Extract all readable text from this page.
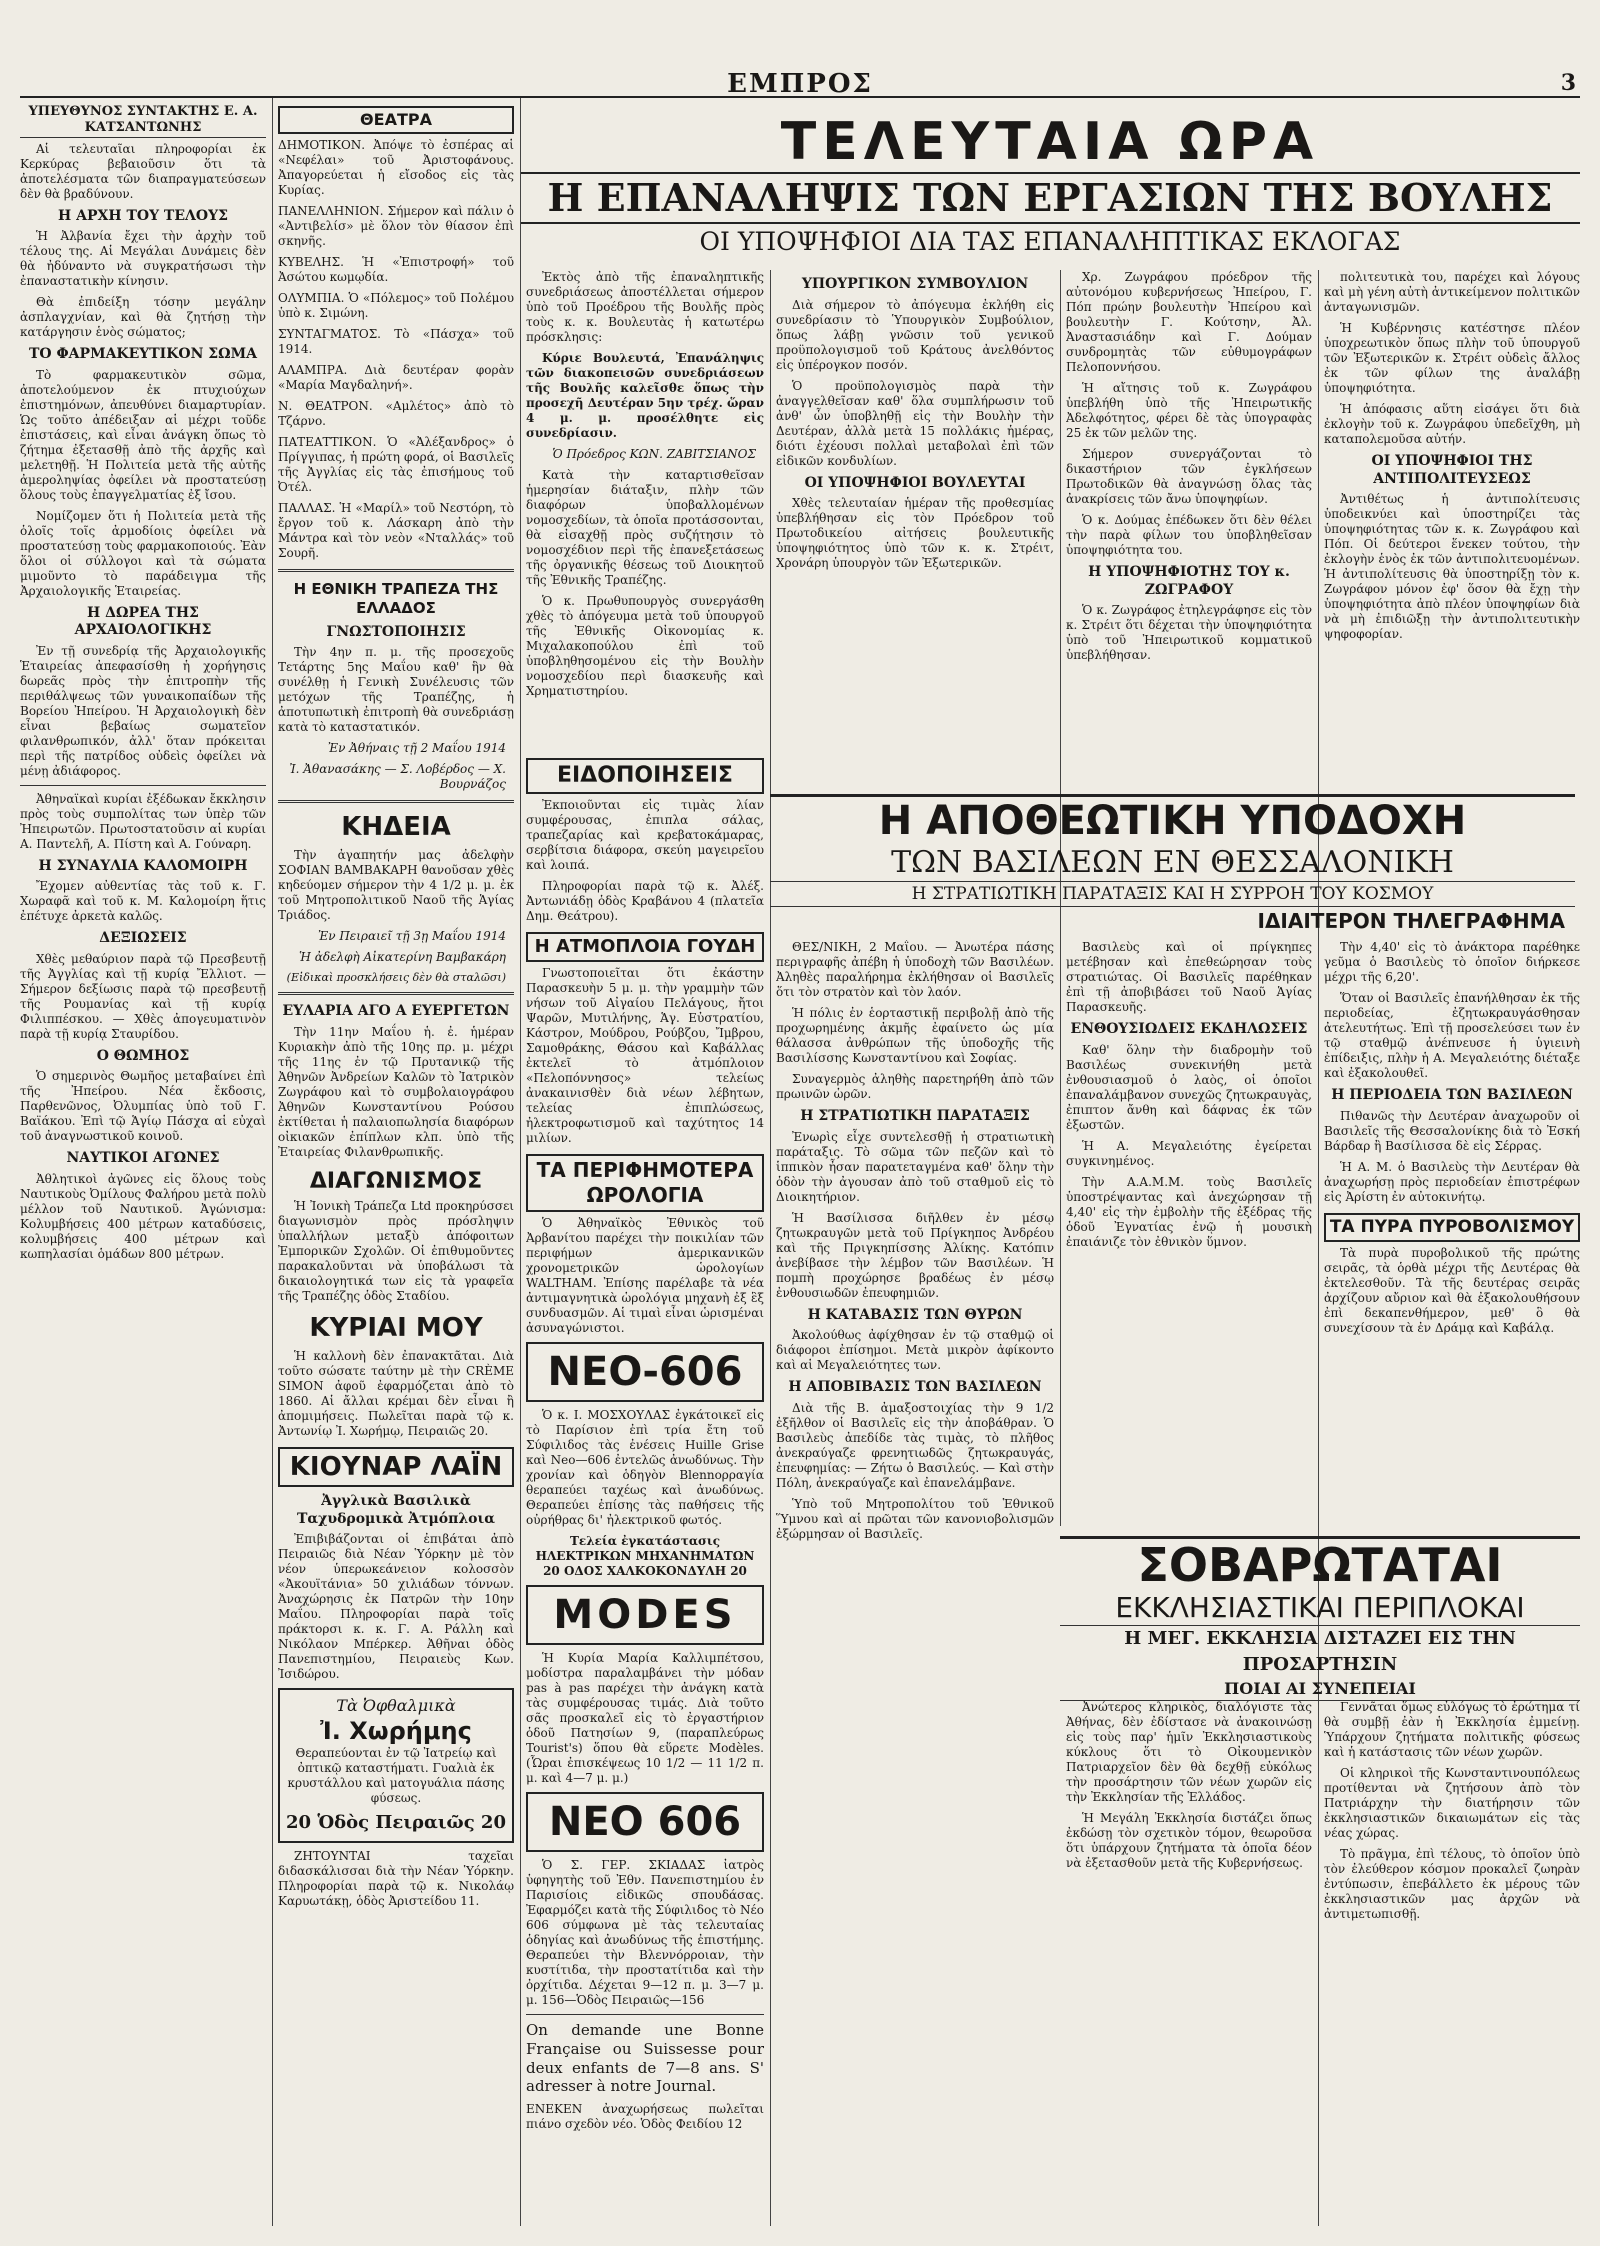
ΕΜΠΡΟΣ	3
ΤΕΛΕΥΤΑΙΑ ΩΡΑ
Η ΕΠΑΝΑΛΗΨΙΣ ΤΩΝ ΕΡΓΑΣΙΩΝ ΤΗΣ ΒΟΥΛΗΣ
ΟΙ ΥΠΟΨΗΦΙΟΙ ΔΙΑ ΤΑΣ ΕΠΑΝΑΛΗΠΤΙΚΑΣ ΕΚΛΟΓΑΣ
ΥΠΕΥΘΥΝΟΣ ΣΥΝΤΑΚΤΗΣ Ε. Α. ΚΑΤΣΑΝΤΩΝΗΣ

Αἱ τελευταῖαι πληροφορίαι ἐκ Κερκύρας βεβαιοῦσιν ὅτι τὰ ἀποτελέσματα τῶν διαπραγματεύσεων δὲν θὰ βραδύνουν.

Η ΑΡΧΗ ΤΟΥ ΤΕΛΟΥΣ

Ἡ Ἀλβανία ἔχει τὴν ἀρχὴν τοῦ τέλους της. Αἱ Μεγάλαι Δυνάμεις δὲν θὰ ἠδύναντο νὰ συγκρατήσωσι τὴν ἐπαναστατικὴν κίνησιν.

Θὰ ἐπιδείξη τόσην μεγάλην ἀσπλαγχνίαν, καὶ θὰ ζητήσῃ τὴν κατάργησιν ἑνὸς σώματος;

ΤΟ ΦΑΡΜΑΚΕΥΤΙΚΟΝ ΣΩΜΑ

Τὸ φαρμακευτικὸν σῶμα, ἀποτελούμενον ἐκ πτυχιούχων ἐπιστημόνων, ἀπευθύνει διαμαρτυρίαν. Ὡς τοῦτο ἀπέδειξαν αἱ μέχρι τοῦδε ἐπιστάσεις, καὶ εἶναι ἀνάγκη ὅπως τὸ ζήτημα ἐξετασθῇ ἀπὸ τῆς ἀρχῆς καὶ μελετηθῇ. Ἡ Πολιτεία μετὰ τῆς αὐτῆς ἀμεροληψίας ὀφείλει νὰ προστατεύσῃ ὅλους τοὺς ἐπαγγελματίας ἐξ ἴσου.

Νομίζομεν ὅτι ἡ Πολιτεία μετὰ τῆς ὁλοῖς τοῖς ἀρμοδίοις ὀφείλει νὰ προστατεύσῃ τοὺς φαρμακοποιούς. Ἐὰν ὅλοι οἱ σύλλογοι καὶ τὰ σώματα μιμοῦντο τὸ παράδειγμα τῆς Ἀρχαιολογικῆς Ἑταιρείας.

Η ΔΩΡΕΑ ΤΗΣ ΑΡΧΑΙΟΛΟΓΙΚΗΣ

Ἐν τῇ συνεδρίᾳ τῆς Ἀρχαιολογικῆς Ἑταιρείας ἀπεφασίσθη ἡ χορήγησις δωρεᾶς πρὸς τὴν ἐπιτροπὴν τῆς περιθάλψεως τῶν γυναικοπαίδων τῆς Βορείου Ἠπείρου. Ἡ Ἀρχαιολογικὴ δὲν εἶναι βεβαίως σωματεῖον φιλανθρωπικόν, ἀλλ' ὅταν πρόκειται περὶ τῆς πατρίδος οὐδεὶς ὀφείλει νὰ μένῃ ἀδιάφορος.

Ἀθηναϊκαὶ κυρίαι ἐξέδωκαν ἔκκλησιν πρὸς τοὺς συμπολίτας των ὑπὲρ τῶν Ἠπειρωτῶν. Πρωτοστατοῦσιν αἱ κυρίαι Α. Παντελῆ, Α. Πίστη καὶ Α. Γούναρη.

Η ΣΥΝΑΥΛΙΑ ΚΑΛΟΜΟΙΡΗ

Ἔχομεν αὐθεντίας τὰς τοῦ κ. Γ. Χωραφᾶ καὶ τοῦ κ. Μ. Καλομοίρη ἥτις ἐπέτυχε ἀρκετὰ καλῶς.

ΔΕΞΙΩΣΕΙΣ

Χθὲς μεθαύριον παρὰ τῷ Πρεσβευτῇ τῆς Ἀγγλίας καὶ τῇ κυρίᾳ Ἔλλιοτ. — Σήμερον δεξίωσις παρὰ τῷ πρεσβευτῇ τῆς Ρουμανίας καὶ τῇ κυρίᾳ Φιλιππέσκου. — Χθὲς ἀπογευματινὸν παρὰ τῇ κυρίᾳ Σταυρίδου.

Ο ΘΩΜΗΟΣ

Ὁ σημερινὸς Θωμῆος μεταβαίνει ἐπὶ τῆς Ἠπείρου. Νέα ἔκδοσις, Παρθενῶνος, Ὀλυμπίας ὑπὸ τοῦ Γ. Βαϊάκου. Ἐπὶ τῷ Ἁγίῳ Πάσχα αἱ εὐχαὶ τοῦ ἀναγνωστικοῦ κοινοῦ.

ΝΑΥΤΙΚΟΙ ΑΓΩΝΕΣ

Ἀθλητικοὶ ἀγῶνες εἰς ὅλους τοὺς Ναυτικοὺς Ὀμίλους Φαλήρου μετὰ πολὺ μέλλον τοῦ Ναυτικοῦ. Ἀγώνισμα: Κολυμβήσεις 400 μέτρων καταδύσεις, κολυμβήσεις 400 μέτρων καὶ κωπηλασίαι ὁμάδων 800 μέτρων.

ΘΕΑΤΡΑ

ΔΗΜΟΤΙΚΟΝ. Ἀπόψε τὸ ἐσπέρας αἱ «Νεφέλαι» τοῦ Ἀριστοφάνους. Ἀπαγορεύεται ἡ εἴσοδος εἰς τὰς Κυρίας.

ΠΑΝΕΛΛΗΝΙΟΝ. Σήμερον καὶ πάλιν ὁ «Ἀντιβελίσ» μὲ ὅλον τὸν θίασον ἐπὶ σκηνῆς.

ΚΥΒΕΛΗΣ. Ἡ «Ἐπιστροφή» τοῦ Ἀσώτου κωμῳδία.

ΟΛΥΜΠΙΑ. Ὁ «Πόλεμος» τοῦ Πολέμου ὑπὸ κ. Σιμώνη.

ΣΥΝΤΑΓΜΑΤΟΣ. Τὸ «Πάσχα» τοῦ 1914.

ΑΛΑΜΠΡΑ. Διὰ δευτέραν φορὰν «Μαρία Μαγδαληνή».

Ν. ΘΕΑΤΡΟΝ. «Αμλέτος» ἀπὸ τὸ Τζάρνο.

ΠΑΤΕΑΤΤΙΚΟΝ. Ὁ «Ἀλέξανδρος» ὁ Πρίγγιπας, ἡ πρώτη φορά, οἱ Βασιλεῖς τῆς Ἀγγλίας εἰς τὰς ἐπισήμους τοῦ Ὀτέλ.

ΠΑΛΛΑΣ. Ἡ «Μαρίλ» τοῦ Νεστόρη, τὸ ἔργον τοῦ κ. Λάσκαρη ἀπὸ τὴν Μάντρα καὶ τὸν νεὸν «Νταλλάς» τοῦ Σουρῆ.

Η ΕΘΝΙΚΗ ΤΡΑΠΕΖΑ ΤΗΣ ΕΛΛΑΔΟΣ
ΓΝΩΣΤΟΠΟΙΗΣΙΣ

Τὴν 4ην π. μ. τῆς προσεχοῦς Τετάρτης 5ης Μαΐου καθ' ἣν θὰ συνέλθῃ ἡ Γενικὴ Συνέλευσις τῶν μετόχων τῆς Τραπέζης, ἡ ἀποτυπωτικὴ ἐπιτροπὴ θὰ συνεδριάσῃ κατὰ τὸ καταστατικόν.

Ἐν Ἀθήναις τῇ 2 Μαΐου 1914

Ἰ. Ἀθανασάκης — Σ. Λοβέρδος — Χ. Βουρνάζος

ΚΗΔΕΙΑ

Τὴν ἀγαπητήν μας ἀδελφὴν ΣΟΦΙΑΝ ΒΑΜΒΑΚΑΡΗ θανοῦσαν χθὲς κηδεύομεν σήμερον τὴν 4 1/2 μ. μ. ἐκ τοῦ Μητροπολιτικοῦ Ναοῦ τῆς Ἁγίας Τριάδος.

Ἐν Πειραιεῖ τῇ 3ῃ Μαΐου 1914

Ἡ ἀδελφὴ Αἰκατερίνη Βαμβακάρη

(Εἰδικαὶ προσκλήσεις δὲν θὰ σταλῶσι)

ΕΥΛΑΡΙΑ ΑΓΟ Α ΕΥΕΡΓΕΤΩΝ

Τὴν 11ην Μαΐου ἡ. ἐ. ἡμέραν Κυριακὴν ἀπὸ τῆς 10ης πρ. μ. μέχρι τῆς 11ης ἐν τῷ Πρυτανικῷ τῆς Ἀθηνῶν Ἀνδρείων Καλῶν τὸ Ἰατρικὸν Ζωγράφου καὶ τὸ συμβολαιογράφου Ἀθηνῶν Κωνσταντίνου Ρούσου ἐκτίθεται ἡ παλαιοπωλησία διαφόρων οἰκιακῶν ἐπίπλων κλπ. ὑπὸ τῆς Ἐταιρείας Φιλανθρωπικῆς.

ΔΙΑΓΩΝΙΣΜΟΣ

Ἡ Ἰονικὴ Τράπεζα Ltd προκηρύσσει διαγωνισμὸν πρὸς πρόσληψιν ὑπαλλήλων μεταξὺ ἀπόφοιτων Ἐμπορικῶν Σχολῶν. Οἱ ἐπιθυμοῦντες παρακαλοῦνται νὰ ὑποβάλωσι τὰ δικαιολογητικά των εἰς τὰ γραφεῖα τῆς Τραπέζης ὁδὸς Σταδίου.

ΚΥΡΙΑΙ ΜΟΥ

Ἡ καλλονὴ δὲν ἐπανακτᾶται. Διὰ τοῦτο σώσατε ταύτην μὲ τὴν CRÈME SIMON ἀφοῦ ἐφαρμόζεται ἀπὸ τὸ 1860. Αἱ ἄλλαι κρέμαι δὲν εἶναι ἢ ἀπομιμήσεις. Πωλεῖται παρὰ τῷ κ. Ἀντωνίῳ Ἰ. Χωρήμῳ, Πειραιῶς 20.

ΚΙΟΥΝΑΡ ΛΑΪΝ
Ἀγγλικὰ Βασιλικὰ Ταχυδρομικὰ Ἀτμόπλοια

Ἐπιβιβάζονται οἱ ἐπιβάται ἀπὸ Πειραιῶς διὰ Νέαν Ὑόρκην μὲ τὸν νέον ὑπερωκεάνειον κολοσσὸν «Ἀκουϊτάνια» 50 χιλιάδων τόννων. Ἀναχώρησις ἐκ Πατρῶν τὴν 10ην Μαΐου. Πληροφορίαι παρὰ τοῖς πράκτορσι κ. κ. Γ. Α. Ράλλη καὶ Νικόλαον Μπέρκερ. Ἀθῆναι ὁδὸς Πανεπιστημίου, Πειραιεὺς Κων. Ἰσιδώρου.

Τὰ Ὀφθαλμικὰ
Ἰ. Χωρήμης

Θεραπεύονται ἐν τῷ Ἰατρείῳ καὶ ὀπτικῷ καταστήματι. Γυαλιὰ ἐκ κρυστάλλου καὶ ματογυάλια πάσης φύσεως.

20 Ὁδὸς Πειραιῶς 20

ΖΗΤΟΥΝΤΑΙ ταχεῖαι διδασκάλισσαι διὰ τὴν Νέαν Ὑόρκην. Πληροφορίαι παρὰ τῷ κ. Νικολάῳ Καρυωτάκῃ, ὁδὸς Ἀριστείδου 11.

Ἐκτὸς ἀπὸ τῆς ἐπαναληπτικῆς συνεδριάσεως ἀποστέλλεται σήμερον ὑπὸ τοῦ Προέδρου τῆς Βουλῆς πρὸς τοὺς κ. κ. Βουλευτὰς ἡ κατωτέρω πρόσκλησις:

Κύριε Βουλευτά, Ἐπανάληψις τῶν διακοπεισῶν συνεδριάσεων τῆς Βουλῆς καλεῖσθε ὅπως τὴν προσεχῆ Δευτέραν 5ην τρέχ. ὥραν 4 μ. μ. προσέλθητε εἰς συνεδρίασιν.

Ὁ Πρόεδρος ΚΩΝ. ΖΑΒΙΤΣΙΑΝΟΣ

Κατὰ τὴν καταρτισθεῖσαν ἡμερησίαν διάταξιν, πλὴν τῶν διαφόρων ὑποβαλλομένων νομοσχεδίων, τὰ ὁποῖα προτάσσονται, θὰ εἰσαχθῇ πρὸς συζήτησιν τὸ νομοσχέδιον περὶ τῆς ἐπανεξετάσεως τῆς ὀργανικῆς θέσεως τοῦ Διοικητοῦ τῆς Ἐθνικῆς Τραπέζης.

Ὁ κ. Πρωθυπουργὸς συνεργάσθη χθὲς τὸ ἀπόγευμα μετὰ τοῦ ὑπουργοῦ τῆς Ἐθνικῆς Οἰκονομίας κ. Μιχαλακοπούλου ἐπὶ τοῦ ὑποβληθησομένου εἰς τὴν Βουλὴν νομοσχεδίου περὶ διασκευῆς καὶ Χρηματιστηρίου.

ΥΠΟΥΡΓΙΚΟΝ ΣΥΜΒΟΥΛΙΟΝ

Διὰ σήμερον τὸ ἀπόγευμα ἐκλήθη εἰς συνεδρίασιν τὸ Ὑπουργικὸν Συμβούλιον, ὅπως λάβῃ γνῶσιν τοῦ γενικοῦ προϋπολογισμοῦ τοῦ Κράτους ἀνελθόντος εἰς ὑπέρογκον ποσόν.

Ὁ προϋπολογισμὸς παρὰ τὴν ἀναγγελθεῖσαν καθ' ὅλα συμπλήρωσιν τοῦ ἀνθ' ὧν ὑποβληθῇ εἰς τὴν Βουλὴν τὴν Δευτέραν, ἀλλὰ μετὰ 15 πολλάκις ἡμέρας, διότι ἐχέουσι πολλαὶ μεταβολαὶ ἐπὶ τῶν εἰδικῶν κονδυλίων.

ΟΙ ΥΠΟΨΗΦΙΟΙ ΒΟΥΛΕΥΤΑΙ

Χθὲς τελευταίαν ἡμέραν τῆς προθεσμίας ὑπεβλήθησαν εἰς τὸν Πρόεδρον τοῦ Πρωτοδικείου αἰτήσεις βουλευτικῆς ὑποψηφιότητος ὑπὸ τῶν κ. κ. Στρέιτ, Χρονάρη ὑπουργὸν τῶν Ἐξωτερικῶν.

Χρ. Ζωγράφου πρόεδρον τῆς αὐτονόμου κυβερνήσεως Ἠπείρου, Γ. Πόπ πρώην βουλευτὴν Ἠπείρου καὶ βουλευτὴν Γ. Κούτσην, Ἀλ. Ἀναστασιάδην καὶ Γ. Δούμαν συνδρομητὰς τῶν εὐθυμογράφων Πελοποννήσου.

Ἡ αἴτησις τοῦ κ. Ζωγράφου ὑπεβλήθη ὑπὸ τῆς Ἠπειρωτικῆς Ἀδελφότητος, φέρει δὲ τὰς ὑπογραφὰς 25 ἐκ τῶν μελῶν της.

Σήμερον συνεργάζονται τὸ δικαστήριον τῶν ἐγκλήσεων Πρωτοδικῶν θὰ ἀναγνώσῃ ὅλας τὰς ἀνακρίσεις τῶν ἄνω ὑποψηφίων.

Ὁ κ. Δούμας ἐπέδωκεν ὅτι δὲν θέλει τὴν παρὰ φίλων του ὑποβληθεῖσαν ὑποψηφιότητα του.

Η ΥΠΟΨΗΦΙΟΤΗΣ ΤΟΥ κ. ΖΩΓΡΑΦΟΥ

Ὁ κ. Ζωγράφος ἐτηλεγράφησε εἰς τὸν κ. Στρέιτ ὅτι δέχεται τὴν ὑποψηφιότητα ὑπὸ τοῦ Ἠπειρωτικοῦ κομματικοῦ ὑπεβλήθησαν.

πολιτευτικὰ του, παρέχει καὶ λόγους καὶ μὴ γένη αὐτὴ ἀντικείμενον πολιτικῶν ἀνταγωνισμῶν.

Ἡ Κυβέρνησις κατέστησε πλέον ὑποχρεωτικὸν ὅπως πλὴν τοῦ ὑπουργοῦ τῶν Ἐξωτερικῶν κ. Στρέιτ οὐδεὶς ἄλλος ἐκ τῶν φίλων της ἀναλάβῃ ὑποψηφιότητα.

Ἡ ἀπόφασις αὕτη εἰσάγει ὅτι διὰ ἐκλογὴν τοῦ κ. Ζωγράφου ὑπεδεῖχθη, μὴ καταπολεμοῦσα αὐτήν.

ΟΙ ΥΠΟΨΗΦΙΟΙ ΤΗΣ ΑΝΤΙΠΟΛΙΤΕΥΣΕΩΣ

Ἀντιθέτως ἡ ἀντιπολίτευσις ὑποδεικνύει καὶ ὑποστηρίζει τὰς ὑποψηφιότητας τῶν κ. κ. Ζωγράφου καὶ Πόπ. Οἱ δεύτεροι ἕνεκεν τούτου, τὴν ἐκλογὴν ἑνὸς ἐκ τῶν ἀντιπολιτευομένων. Ἡ ἀντιπολίτευσις θὰ ὑποστηρίξῃ τὸν κ. Ζωγράφον μόνον ἐφ' ὅσον θὰ ἔχῃ τὴν ὑποψηφιότητα ἀπὸ πλέον ὑποψηφίων διὰ νὰ μὴ ἐπιδιῶξῃ τὴν ἀντιπολιτευτικὴν ψηφοφορίαν.

ΕΙΔΟΠΟΙΗΣΕΙΣ

Ἐκποιοῦνται εἰς τιμὰς λίαν συμφέρουσας, ἐπιπλα σάλας, τραπεζαρίας καὶ κρεβατοκάμαρας, σερβίτσια διάφορα, σκεύη μαγειρεῖου καὶ λοιπά.

Πληροφορίαι παρὰ τῷ κ. Ἀλέξ. Ἀντωνιάδῃ ὁδὸς Κραβάνου 4 (πλατεῖα Δημ. Θεάτρου).

Η ΑΤΜΟΠΛΟΙΑ ΓΟΥΔΗ

Γνωστοποιεῖται ὅτι ἐκάστην Παρασκευὴν 5 μ. μ. τὴν γραμμὴν τῶν νήσων τοῦ Αἰγαίου Πελάγους, ἤτοι Ψαρῶν, Μυτιλήνης, Ἁγ. Εὐστρατίου, Κάστρον, Μούδρου, Ρούβζου, Ἴμβρου, Σαμοθράκης, Θάσου καὶ Καβάλλας ἐκτελεῖ τὸ ἀτμόπλοιον «Πελοπόννησος» τελείως ἀνακαινισθὲν διὰ νέων λέβητων, τελείας ἐπιπλώσεως, ἠλεκτροφωτισμοῦ καὶ ταχύτητος 14 μιλίων.

ΤΑ ΠΕΡΙΦΗΜΟΤΕΡΑ ΩΡΟΛΟΓΙΑ

Ὁ Ἀθηναϊκὸς Ἐθνικὸς τοῦ Ἀρβανίτου παρέχει τὴν ποικιλίαν τῶν περιφήμων ἀμερικανικῶν χρονομετρικῶν ὡρολογίων WALTHAM. Ἐπίσης παρέλαβε τὰ νέα ἀντιμαγνητικὰ ὡρολόγια μηχανὴ ἐξ ἓξ συνδυασμῶν. Αἱ τιμαὶ εἶναι ὡρισμέναι ἀσυναγώνιστοι.

ΝΕΟ-606

Ὁ κ. Ι. ΜΟΣΧΟΥΛΑΣ ἐγκάτοικεῖ εἰς τὸ Παρίσιον ἐπὶ τρία ἔτη τοῦ Σύφιλιδος τὰς ἐνέσεις Huille Grise καὶ Neo—606 ἐντελῶς ἀνωδύνως. Τὴν χρονίαν καὶ ὁδηγὸν Blennoρραγία θεραπεύει ταχέως καὶ ἀνωδύνως. Θεραπεύει ἐπίσης τὰς παθήσεις τῆς οὐρήθρας δι' ἠλεκτρικοῦ φωτός.

Τελεία ἐγκατάστασις ΗΛΕΚΤΡΙΚΩΝ ΜΗΧΑΝΗΜΑΤΩΝ 20 ΟΔΟΣ ΧΑΛΚΟΚΟΝΔΥΛΗ 20

MODES

Ἡ Κυρία Μαρία Καλλιμπέτσου, μοδίστρα παραλαμβάνει τὴν μόδαν pas à pas παρέχει τὴν ἀνάγκη κατὰ τὰς συμφέρουσας τιμάς. Διὰ τοῦτο σᾶς προσκαλεῖ εἰς τὸ ἐργαστήριον ὁδοῦ Πατησίων 9, (παραπλεύρως Tourist's) ὅπου θὰ εὕρετε Modèles. (Ὧραι ἐπισκέψεως 10 1/2 — 11 1/2 π. μ. καὶ 4—7 μ. μ.)

ΝΕΟ 606

Ὁ Σ. ΓΕΡ. ΣΚΙΑΔΑΣ ἰατρὸς ὑφηγητὴς τοῦ Ἐθν. Πανεπιστημίου ἐν Παρισίοις εἰδικῶς σπουδάσας. Ἐφαρμόζει κατὰ τῆς Σύφιλιδος τὸ Νέο 606 σύμφωνα μὲ τὰς τελευταίας ὁδηγίας καὶ ἀνωδύνως τῆς ἐπιστήμης. Θεραπεύει τὴν Βλεννόρροιαν, τὴν κυστίτιδα, τὴν προστατίτιδα καὶ τὴν ὀρχίτιδα. Δέχεται 9—12 π. μ. 3—7 μ. μ. 156—Ὁδὸς Πειραιῶς—156

On demande une Bonne Française ou Suissesse pour deux enfants de 7—8 ans. S' adresser à notre Journal.

ΕΝΕΚΕΝ ἀναχωρήσεως πωλεῖται πιάνο σχεδὸν νέο. Ὁδὸς Φειδίου 12

Η ΑΠΟΘΕΩΤΙΚΗ ΥΠΟΔΟΧΗ
ΤΩΝ ΒΑΣΙΛΕΩΝ ΕΝ ΘΕΣΣΑΛΟΝΙΚΗ
Η ΣΤΡΑΤΙΩΤΙΚΗ ΠΑΡΑΤΑΞΙΣ ΚΑΙ Η ΣΥΡΡΟΗ ΤΟΥ ΚΟΣΜΟΥ
ΙΔΙΑΙΤΕΡΟΝ ΤΗΛΕΓΡΑΦΗΜΑ

ΘΕΣ/ΝΙΚΗ, 2 Μαΐου. — Ἀνωτέρα πάσης περιγραφῆς ἀπέβη ἡ ὑποδοχὴ τῶν Βασιλέων. Ἀληθὲς παραλήρημα ἐκλήθησαν οἱ Βασιλεῖς ὅτι τὸν στρατὸν καὶ τὸν λαόν.

Ἡ πόλις ἐν ἑορταστικῇ περιβολῇ ἀπὸ τῆς προχωρημένης ἀκμῆς ἐφαίνετο ὡς μία θάλασσα ἀνθρώπων τῆς ὑποδοχῆς τῆς Βασιλίσσης Κωνσταντίνου καὶ Σοφίας.

Συναγερμὸς ἀληθὴς παρετηρήθη ἀπὸ τῶν πρωινῶν ὡρῶν.

Η ΣΤΡΑΤΙΩΤΙΚΗ ΠΑΡΑΤΑΞΙΣ

Ἐνωρὶς εἶχε συντελεσθῇ ἡ στρατιωτικὴ παράταξις. Τὸ σῶμα τῶν πεζῶν καὶ τὸ ἱππικὸν ἦσαν παρατεταγμένα καθ' ὅλην τὴν ὁδὸν τὴν ἀγουσαν ἀπὸ τοῦ σταθμοῦ εἰς τὸ Διοικητήριον.

Ἡ Βασίλισσα διῆλθεν ἐν μέσῳ ζητωκραυγῶν μετὰ τοῦ Πρίγκηπος Ἀνδρέου καὶ τῆς Πριγκηπίσσης Ἀλίκης. Κατόπιν ἀνεβίβασε τὴν λέμβον τῶν Βασιλέων. Ἡ πομπὴ προχώρησε βραδέως ἐν μέσῳ ἐνθουσιωδῶν ἐπευφημιῶν.

Η ΚΑΤΑΒΑΣΙΣ ΤΩΝ ΘΥΡΩΝ

Ἀκολούθως ἀφίχθησαν ἐν τῷ σταθμῷ οἱ διάφοροι ἐπίσημοι. Μετὰ μικρὸν ἀφίκοντο καὶ αἱ Μεγαλειότητες των.

Η ΑΠΟΒΙΒΑΣΙΣ ΤΩΝ ΒΑΣΙΛΕΩΝ

Διὰ τῆς Β. ἀμαξοστοιχίας τὴν 9 1/2 ἐξῆλθον οἱ Βασιλεῖς εἰς τὴν ἀποβάθραν. Ὁ Βασιλεὺς ἀπεδίδε τὰς τιμὰς, τὸ πλῆθος ἀνεκραύγαζε φρενητιωδῶς ζητωκραυγάς, ἐπευφημίας: — Ζήτω ὁ Βασιλεύς. — Καὶ στὴν Πόλη, ἀνεκραύγαζε καὶ ἐπανελάμβανε.

Ὑπὸ τοῦ Μητροπολίτου τοῦ Ἑθνικοῦ Ὕμνου καὶ αἱ πρῶται τῶν κανονιοβολισμῶν ἐξώρμησαν οἱ Βασιλεῖς.

Βασιλεὺς καὶ οἱ πρίγκηπες μετέβησαν καὶ ἐπεθεώρησαν τοὺς στρατιώτας. Οἱ Βασιλεῖς παρέθηκαν ἐπὶ τῇ ἀποβιβάσει τοῦ Ναοῦ Ἁγίας Παρασκευῆς.

ΕΝΘΟΥΣΙΩΔΕΙΣ ΕΚΔΗΛΩΣΕΙΣ

Καθ' ὅλην τὴν διαδρομὴν τοῦ Βασιλέως συνεκινήθη μετὰ ἐνθουσιασμοῦ ὁ λαὸς, οἱ ὁποῖοι ἐπαναλάμβανον συνεχῶς ζητωκραυγὰς, ἐπιπτον ἄνθη καὶ δάφνας ἐκ τῶν ἐξωστῶν.

Ἡ Α. Μεγαλειότης ἐγείρεται συγκινημένος.

Τὴν Α.Α.Μ.Μ. τοὺς Βασιλεῖς ὑποστρέψαντας καὶ ἀνεχώρησαν τῇ 4,40' εἰς τὴν ἐμβολὴν τῆς ἐξέδρας τῆς ὁδοῦ Ἐγνατίας ἐνῷ ἡ μουσικὴ ἐπαιάνιζε τὸν ἐθνικὸν ὕμνον.

Τὴν 4,40' εἰς τὸ ἀνάκτορα παρέθηκε γεῦμα ὁ Βασιλεὺς τὸ ὁποῖον διήρκεσε μέχρι τῆς 6,20'.

Ὅταν οἱ Βασιλεῖς ἐπανήλθησαν ἐκ τῆς περιοδείας, ἐζητωκραυγάσθησαν ἀτελευτήτως. Ἐπὶ τῇ προσελεύσει των ἐν τῷ σταθμῷ ἀνέπνευσε ἡ ὑγιεινὴ ἐπίδειξις, πλὴν ἡ Α. Μεγαλειότης διέταξε καὶ ἐξακολουθεῖ.

Η ΠΕΡΙΟΔΕΙΑ ΤΩΝ ΒΑΣΙΛΕΩΝ

Πιθανῶς τὴν Δευτέραν ἀναχωροῦν οἱ Βασιλεῖς τῆς Θεσσαλονίκης διὰ τὸ Ἐσκή Βάρδαρ ἢ Βασίλισσα δὲ εἰς Σέρρας.

Ἡ Α. Μ. ὁ Βασιλεὺς τὴν Δευτέραν θὰ ἀναχωρήσῃ πρὸς περιοδείαν ἐπιστρέφων εἰς Ἀρίστη ἐν αὐτοκινήτῳ.

ΤΑ ΠΥΡΑ ΠΥΡΟΒΟΛΙΣΜΟΥ

Τὰ πυρὰ πυροβολικοῦ τῆς πρώτης σειρᾶς, τὰ ὁρθὰ μέχρι τῆς Δευτέρας θὰ ἐκτελεσθοῦν. Τὰ τῆς δευτέρας σειρᾶς ἀρχίζουν αὔριον καὶ θὰ ἐξακολουθήσουν ἐπὶ δεκαπενθήμερον, μεθ' ὃ θὰ συνεχίσουν τὰ ἐν Δράμᾳ καὶ Καβάλᾳ.

ΣΟΒΑΡΩΤΑΤΑΙ
ΕΚΚΛΗΣΙΑΣΤΙΚΑΙ ΠΕΡΙΠΛΟΚΑΙ
Η ΜΕΓ. ΕΚΚΛΗΣΙΑ ΔΙΣΤΑΖΕΙ ΕΙΣ ΤΗΝ ΠΡΟΣΑΡΤΗΣΙΝ
ΠΟΙΑΙ ΑΙ ΣΥΝΕΠΕΙΑΙ

Ἀνώτερος κληρικὸς, διαλόγιστε τὰς Ἀθήνας, δὲν ἐδίστασε νὰ ἀνακοινώσῃ εἰς τοὺς παρ' ἡμῖν Ἐκκλησιαστικοὺς κύκλους ὅτι τὸ Οἰκουμενικὸν Πατριαρχεῖον δὲν θὰ δεχθῇ εὐκόλως τὴν προσάρτησιν τῶν νέων χωρῶν εἰς τὴν Ἐκκλησίαν τῆς Ἑλλάδος.

Ἡ Μεγάλη Ἐκκλησία διστάζει ὅπως ἐκδώσῃ τὸν σχετικὸν τόμον, θεωροῦσα ὅτι ὑπάρχουν ζητήματα τὰ ὁποῖα δέον νὰ ἐξετασθοῦν μετὰ τῆς Κυβερνήσεως.

Γεννᾶται ὅμως εὐλόγως τὸ ἐρώτημα τί θὰ συμβῇ ἐὰν ἡ Ἐκκλησία ἐμμείνῃ. Ὑπάρχουν ζητήματα πολιτικῆς φύσεως καὶ ἡ κατάστασις τῶν νέων χωρῶν.

Οἱ κληρικοὶ τῆς Κωνσταντινουπόλεως προτίθενται νὰ ζητήσουν ἀπὸ τὸν Πατριάρχην τὴν διατήρησιν τῶν ἐκκλησιαστικῶν δικαιωμάτων εἰς τὰς νέας χώρας.

Τὸ πρᾶγμα, ἐπὶ τέλους, τὸ ὁποῖον ὑπὸ τὸν ἐλεύθερον κόσμον προκαλεῖ ζωηρὰν ἐντύπωσιν, ἐπεβάλλετο ἐκ μέρους τῶν ἐκκλησιαστικῶν μας ἀρχῶν νὰ ἀντιμετωπισθῇ.
